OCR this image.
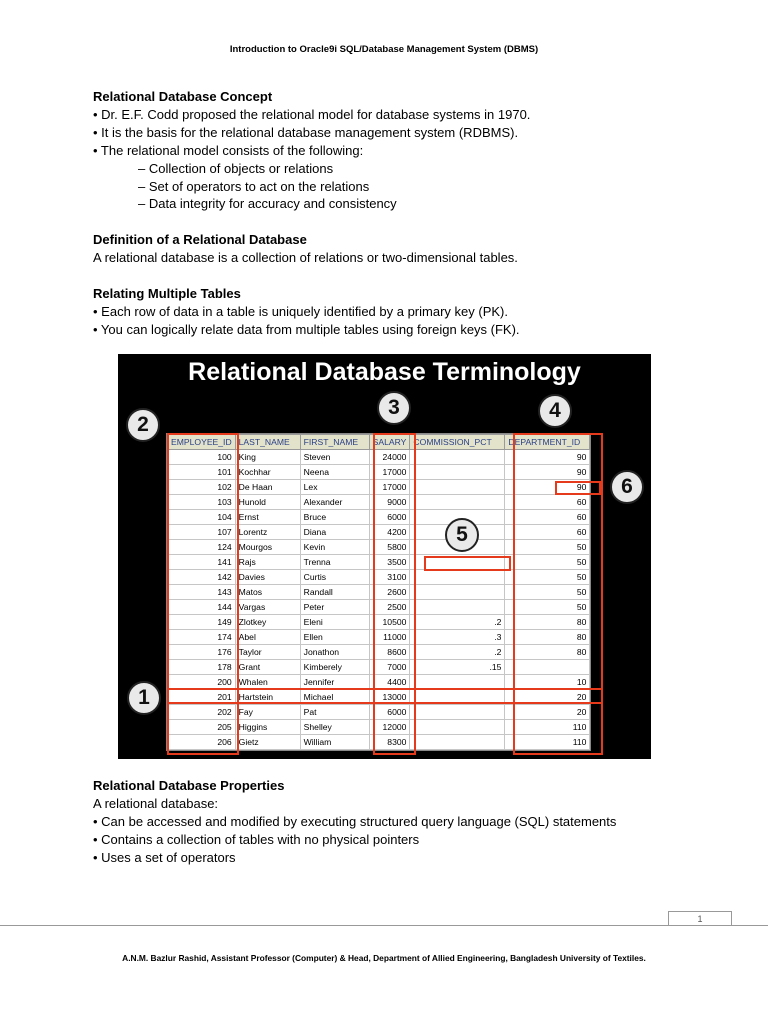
Introduction to Oracle9i SQL/Database Management System (DBMS)

Relational Database Concept

• Dr. E.F. Codd proposed the relational model for database systems in 1970.

• It is the basis for the relational database management system (RDBMS).

• The relational model consists of the following:

– Collection of objects or relations

– Set of operators to act on the relations

– Data integrity for accuracy and consistency

Definition of a Relational Database

A relational database is a collection of relations or two-dimensional tables.

Relating Multiple Tables

• Each row of data in a table is uniquely identified by a primary key (PK).

• You can logically relate data from multiple tables using foreign keys (FK).

Relational Database Terminology
EMPLOYEE_ID	LAST_NAME	FIRST_NAME	SALARY	COMMISSION_PCT	DEPARTMENT_ID
100	King	Steven	24000		90
101	Kochhar	Neena	17000		90
102	De Haan	Lex	17000		90
103	Hunold	Alexander	9000		60
104	Ernst	Bruce	6000		60
107	Lorentz	Diana	4200		60
124	Mourgos	Kevin	5800		50
141	Rajs	Trenna	3500		50
142	Davies	Curtis	3100		50
143	Matos	Randall	2600		50
144	Vargas	Peter	2500		50
149	Zlotkey	Eleni	10500	.2	80
174	Abel	Ellen	11000	.3	80
176	Taylor	Jonathon	8600	.2	80
178	Grant	Kimberely	7000	.15	
200	Whalen	Jennifer	4400		10
201	Hartstein	Michael	13000		20
202	Fay	Pat	6000		20
205	Higgins	Shelley	12000		110
206	Gietz	William	8300		110
1
2
3	4
5
6

Relational Database Properties

A relational database:

• Can be accessed and modified by executing structured query language (SQL) statements

• Contains a collection of tables with no physical pointers

• Uses a set of operators

1
A.N.M. Bazlur Rashid, Assistant Professor (Computer) & Head, Department of Allied Engineering, Bangladesh University of Textiles.
